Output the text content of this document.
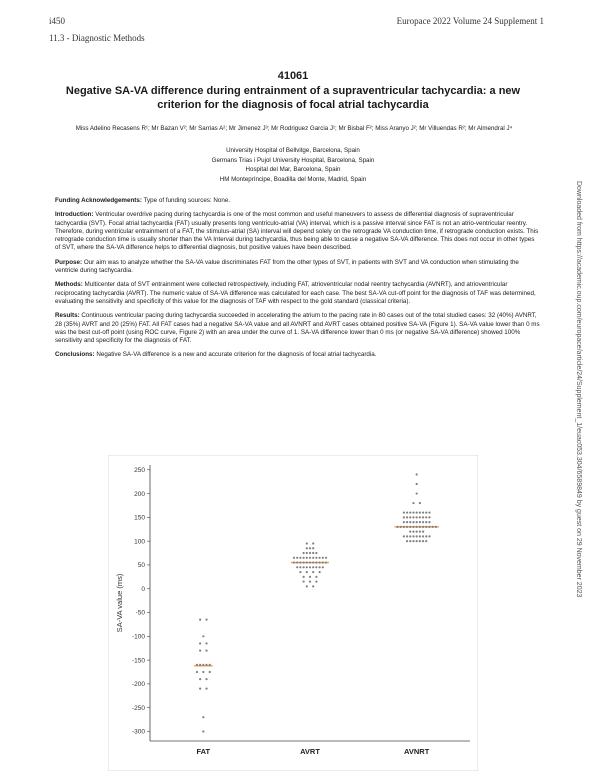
i450	Europace 2022 Volume 24 Supplement 1
11.3 - Diagnostic Methods
41061
Negative SA-VA difference during entrainment of a supraventricular tachycardia: a new criterion for the diagnosis of focal atrial tachycardia
Miss Adelino Recasens R¹; Mr Bazan V²; Mr Sarrias A²; Mr Jimenez J³; Mr Rodriguez Garcia J¹; Mr Bisbal F²; Miss Aranyo J²; Mr Villuendas R²; Mr Almendral J⁴
University Hospital of Bellvitge, Barcelona, Spain
Germans Trias i Pujol University Hospital, Barcelona, Spain
Hospital del Mar, Barcelona, Spain
HM Montepríncipe, Boadilla del Monte, Madrid, Spain

Funding Acknowledgements: Type of funding sources: None.

Introduction: Ventricular overdrive pacing during tachycardia is one of the most common and useful maneuvers to assess de differential diagnosis of supraventricular tachycardia (SVT). Focal atrial tachycardia (FAT) usually presents long ventriculo-atrial (VA) interval, which is a passive interval since FAT is not an atrio-ventricular reentry. Therefore, during ventricular entrainment of a FAT, the stimulus-atrial (SA) interval will depend solely on the retrograde VA conduction time, if retrograde conduction exists. This retrograde conduction time is usually shorter than the VA Interval during tachycardia, thus being able to cause a negative SA-VA difference. This does not occur in other types of SVT, where the SA-VA difference helps to differential diagnosis, but positive values have been described.

Purpose: Our aim was to analyze whether the SA-VA value discriminates FAT from the other types of SVT, in patients with SVT and VA conduction when stimulating the ventricle during tachycardia.

Methods: Multicenter data of SVT entrainment were collected retrospectively, including FAT, atrioventricular nodal reentry tachycardia (AVNRT), and atrioventricular reciprocating tachycardia (AVRT). The numeric value of SA-VA difference was calculated for each case. The best SA-VA cut-off point for the diagnosis of TAF was determined, evaluating the sensitivity and specificity of this value for the diagnosis of TAF with respect to the gold standard (classical criteria).

Results: Continuous ventricular pacing during tachycardia succeeded in accelerating the atrium to the pacing rate in 80 cases out of the total studied cases: 32 (40%) AVNRT, 28 (35%) AVRT and 20 (25%) FAT. All FAT cases had a negative SA-VA value and all AVNRT and AVRT cases obtained positive SA-VA (Figure 1). SA-VA value lower than 0 ms was the best cut-off point (using ROC curve, Figure 2) with an area under the curve of 1. SA-VA difference lower than 0 ms (or negative SA-VA difference) showed 100% sensitivity and specificity for the diagnosis of FAT.

Conclusions: Negative SA-VA difference is a new and accurate criterion for the diagnosis of focal atrial tachycardia.	Downloaded from https://academic.oup.com/europace/article/24/Supplement_1/euac053.304/6589849 by guest on 29 November 2023
-300
-250
-200
-150
-100
-50
0
50
100
150
200
250
SA-VA value (ms)
FAT	AVRT	AVNRT
